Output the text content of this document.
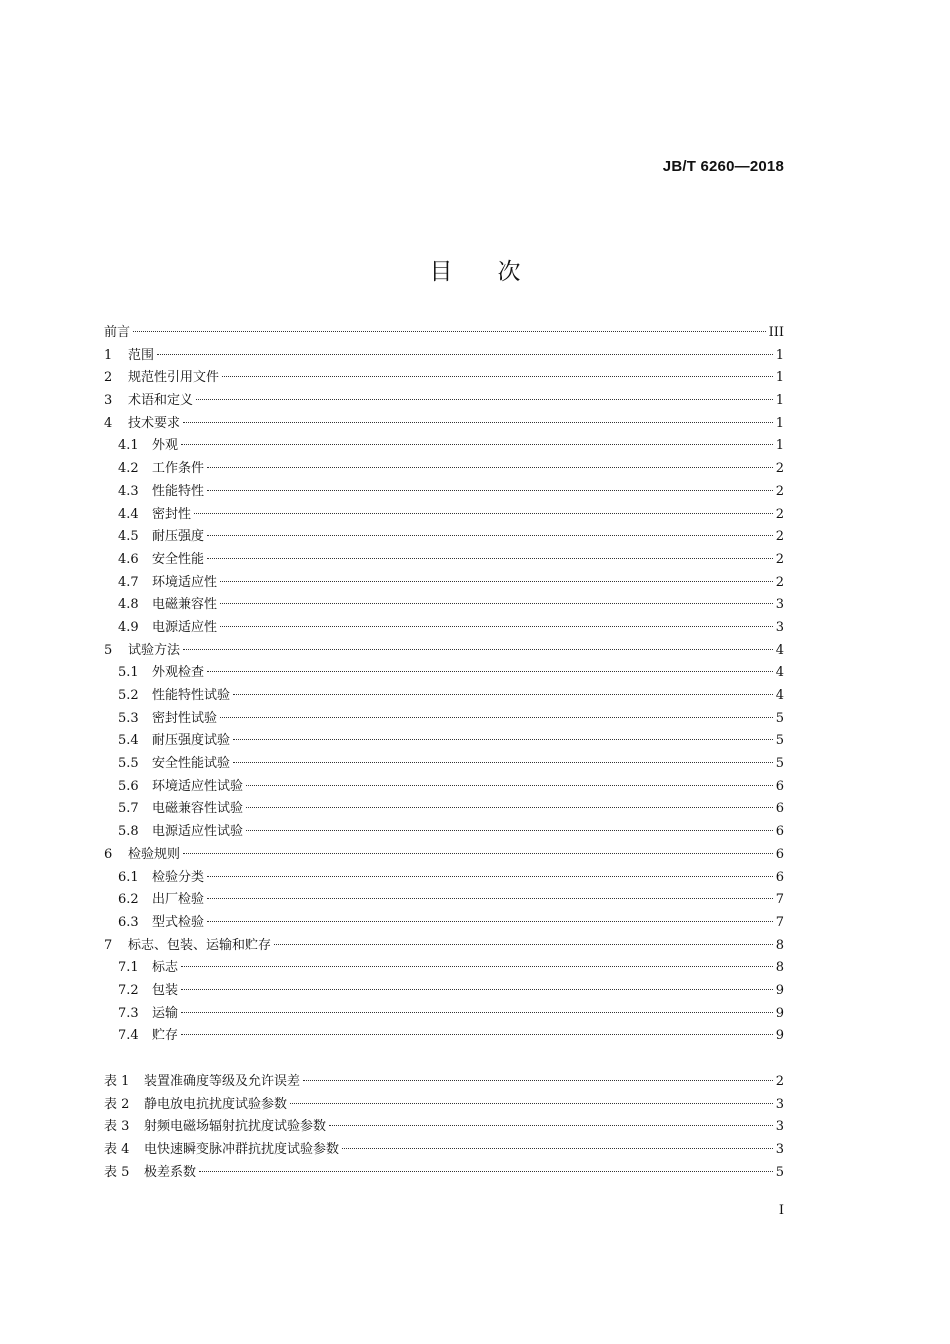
JB/T 6260—2018
目次
前言	III
1	范围	1
2	规范性引用文件	1
3	术语和定义	1
4	技术要求	1
4.1	外观	1
4.2	工作条件	2
4.3	性能特性	2
4.4	密封性	2
4.5	耐压强度	2
4.6	安全性能	2
4.7	环境适应性	2
4.8	电磁兼容性	3
4.9	电源适应性	3
5	试验方法	4
5.1	外观检查	4
5.2	性能特性试验	4
5.3	密封性试验	5
5.4	耐压强度试验	5
5.5	安全性能试验	5
5.6	环境适应性试验	6
5.7	电磁兼容性试验	6
5.8	电源适应性试验	6
6	检验规则	6
6.1	检验分类	6
6.2	出厂检验	7
6.3	型式检验	7
7	标志、包装、运输和贮存	8
7.1	标志	8
7.2	包装	9
7.3	运输	9
7.4	贮存	9
表 1	装置准确度等级及允许误差	2
表 2	静电放电抗扰度试验参数	3
表 3	射频电磁场辐射抗扰度试验参数	3
表 4	电快速瞬变脉冲群抗扰度试验参数	3
表 5	极差系数	5
I
